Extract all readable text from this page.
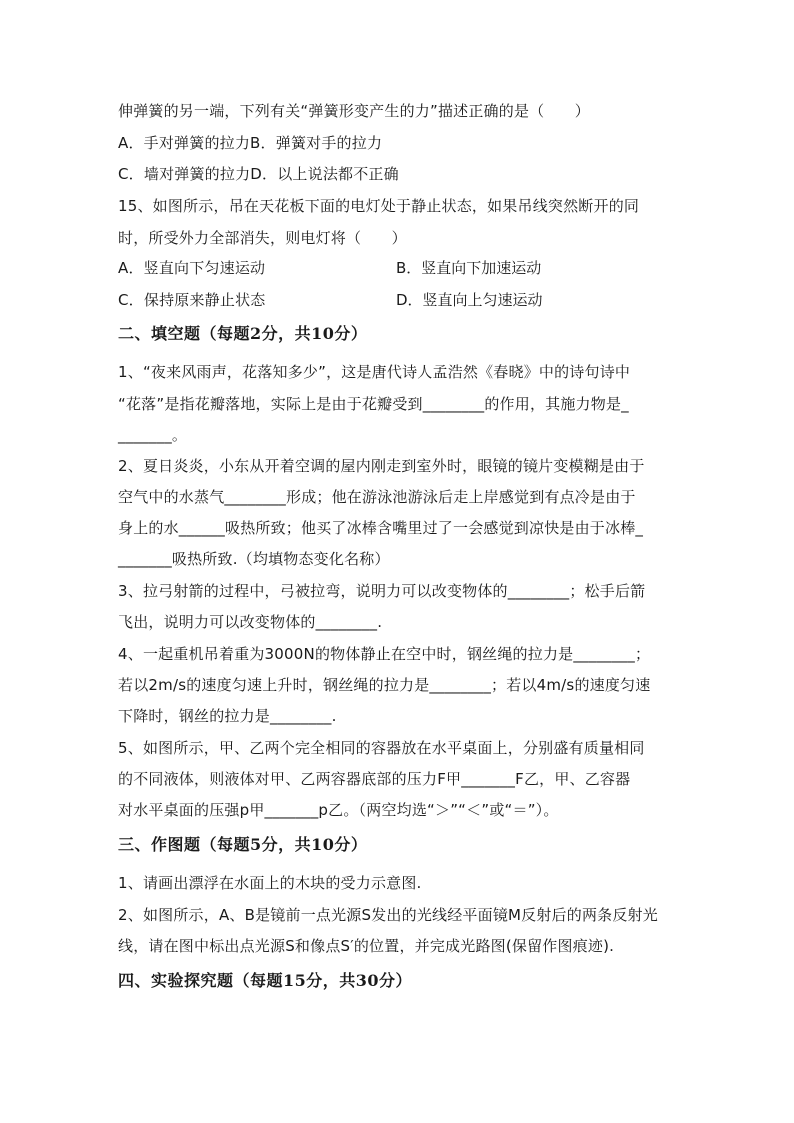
伸弹簧的另一端，下列有关“弹簧形变产生的力”描述正确的是（　　）
A．手对弹簧的拉力B．弹簧对手的拉力
C．墙对弹簧的拉力D．以上说法都不正确
15、如图所示，吊在天花板下面的电灯处于静止状态，如果吊线突然断开的同
时，所受外力全部消失，则电灯将（　　）
A．竖直向下匀速运动	B．竖直向下加速运动
C．保持原来静止状态	D．竖直向上匀速运动
二、填空题（每题2分，共10分）
1、“夜来风雨声，花落知多少”，这是唐代诗人孟浩然《春晓》中的诗句诗中
“花落”是指花瓣落地，实际上是由于花瓣受到________的作用，其施力物是_
_______。
2、夏日炎炎，小东从开着空调的屋内刚走到室外时，眼镜的镜片变模糊是由于
空气中的水蒸气________形成；他在游泳池游泳后走上岸感觉到有点冷是由于
身上的水______吸热所致；他买了冰棒含嘴里过了一会感觉到凉快是由于冰棒_
_______吸热所致.（均填物态变化名称）
3、拉弓射箭的过程中，弓被拉弯，说明力可以改变物体的________；松手后箭
飞出，说明力可以改变物体的________.
4、一起重机吊着重为3000N的物体静止在空中时，钢丝绳的拉力是________；
若以2m/s的速度匀速上升时，钢丝绳的拉力是________；若以4m/s的速度匀速
下降时，钢丝的拉力是________.
5、如图所示，甲、乙两个完全相同的容器放在水平桌面上，分别盛有质量相同
的不同液体，则液体对甲、乙两容器底部的压力F甲_______F乙，甲、乙容器
对水平桌面的压强p甲_______p乙。（两空均选“＞”“＜”或“＝”）。
三、作图题（每题5分，共10分）
1、请画出漂浮在水面上的木块的受力示意图.
2、如图所示，A、B是镜前一点光源S发出的光线经平面镜M反射后的两条反射光
线，请在图中标出点光源S和像点S′的位置，并完成光路图(保留作图痕迹).
四、实验探究题（每题15分，共30分）
